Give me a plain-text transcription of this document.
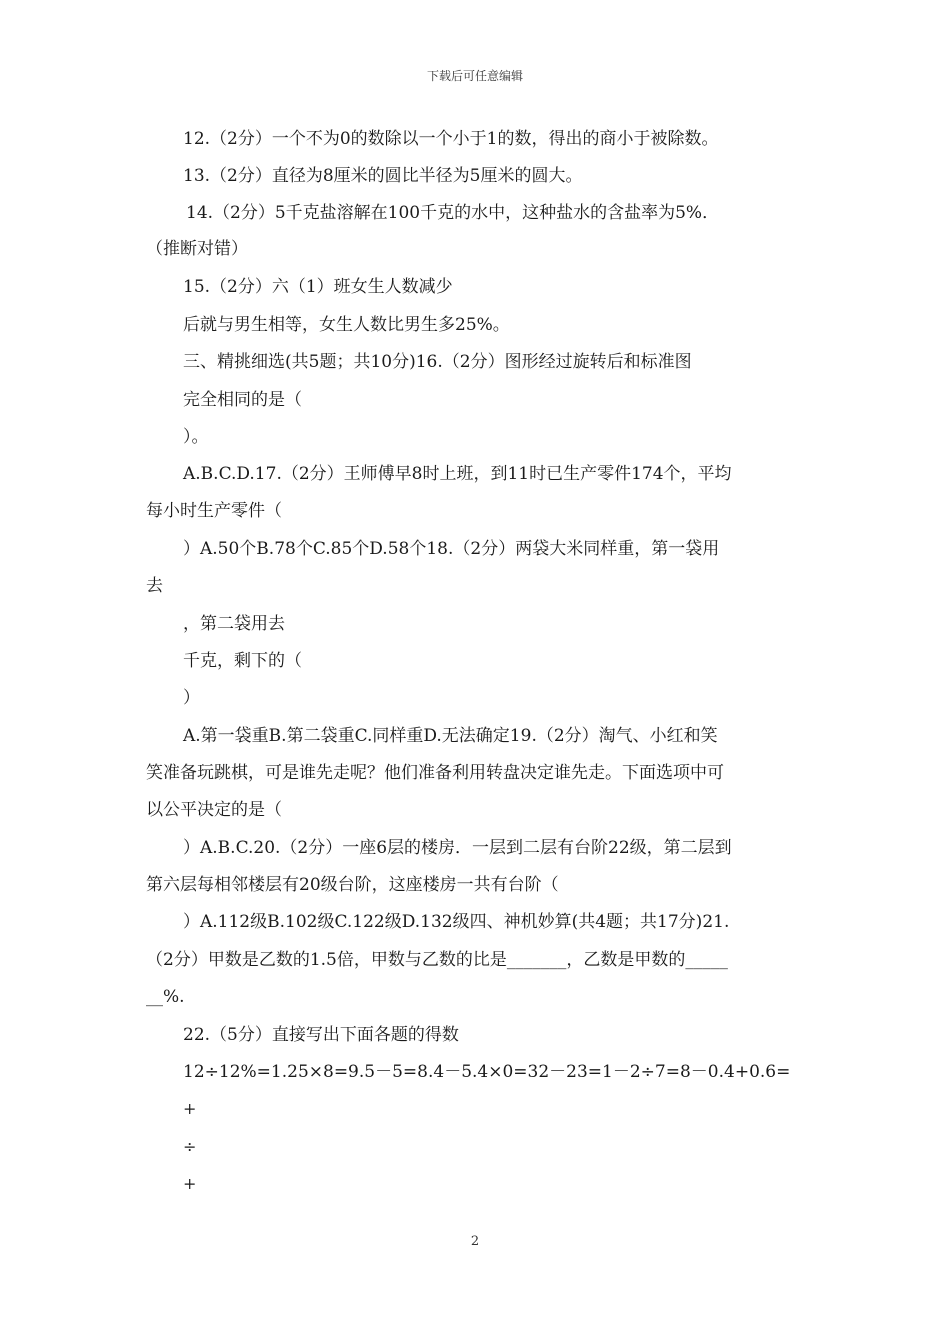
下载后可任意编辑
12.（2分）一个不为0的数除以一个小于1的数，得出的商小于被除数。
13.（2分）直径为8厘米的圆比半径为5厘米的圆大。
14.（2分）5千克盐溶解在100千克的水中，这种盐水的含盐率为5%．
（推断对错）
15.（2分）六（1）班女生人数减少
后就与男生相等，女生人数比男生多25%。
三、精挑细选(共5题；共10分)16.（2分）图形经过旋转后和标准图
完全相同的是（
）。
A.B.C.D.17.（2分）王师傅早8时上班，到11时已生产零件174个，平均
每小时生产零件（
）A.50个B.78个C.85个D.58个18.（2分）两袋大米同样重，第一袋用
去
，第二袋用去
千克，剩下的（
）
A.第一袋重B.第二袋重C.同样重D.无法确定19.（2分）淘气、小红和笑
笑准备玩跳棋，可是谁先走呢？他们准备利用转盘决定谁先走。下面选项中可
以公平决定的是（
）A.B.C.20.（2分）一座6层的楼房．一层到二层有台阶22级，第二层到
第六层每相邻楼层有20级台阶，这座楼房一共有台阶（
）A.112级B.102级C.122级D.132级四、神机妙算(共4题；共17分)21.
（2分）甲数是乙数的1.5倍，甲数与乙数的比是_______，乙数是甲数的_____
__%.
22.（5分）直接写出下面各题的得数
12÷12%=1.25×8=9.5－5=8.4－5.4×0=32－23=1－2÷7=8－0.4+0.6=
+
÷
+
2
